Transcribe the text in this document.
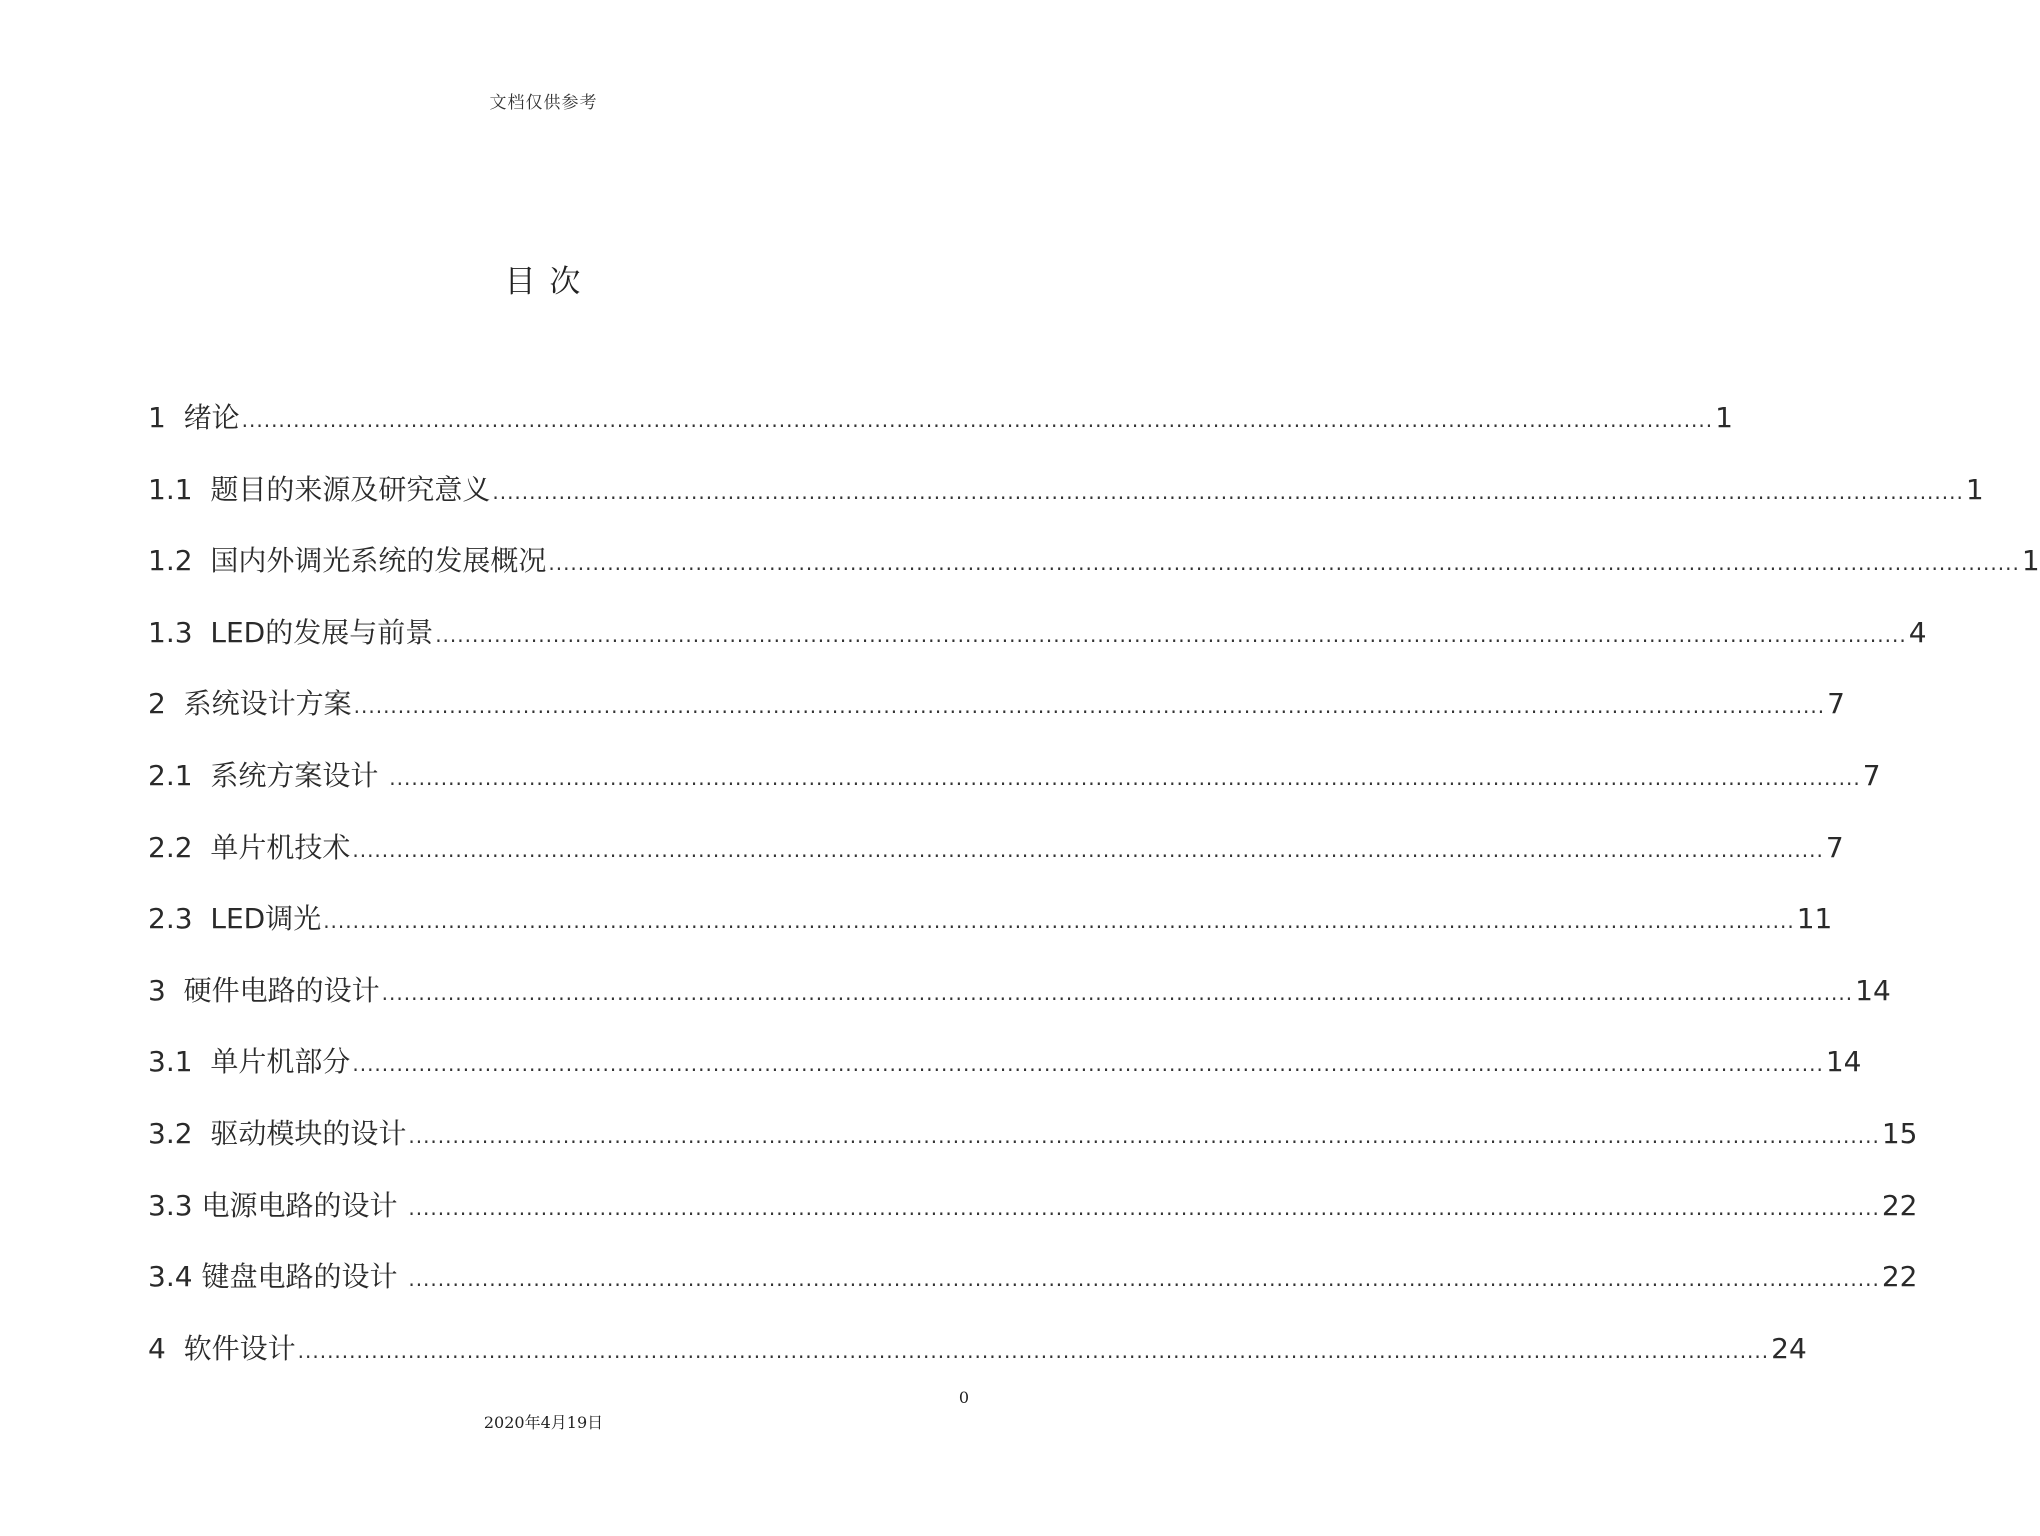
文档仅供参考
目 次
1 绪论 ........................................................................................................................................................................................................ 1
1.1 题目的来源及研究意义 ........................................................................................................................................................................................................ 1
1.2 国内外调光系统的发展概况 ........................................................................................................................................................................................................ 1
1.3 LED的发展与前景 ........................................................................................................................................................................................................ 4
2 系统设计方案 ........................................................................................................................................................................................................ 7
2.1 系统方案设计 ........................................................................................................................................................................................................ 7
2.2 单片机技术 ........................................................................................................................................................................................................ 7
2.3 LED调光 ........................................................................................................................................................................................................ 11
3 硬件电路的设计 ........................................................................................................................................................................................................ 14
3.1 单片机部分 ........................................................................................................................................................................................................ 14
3.2 驱动模块的设计 ........................................................................................................................................................................................................ 15
3.3 电源电路的设计 ........................................................................................................................................................................................................ 22
3.4 键盘电路的设计 ........................................................................................................................................................................................................ 22
4 软件设计 ........................................................................................................................................................................................................ 24
0
2020年4月19日
